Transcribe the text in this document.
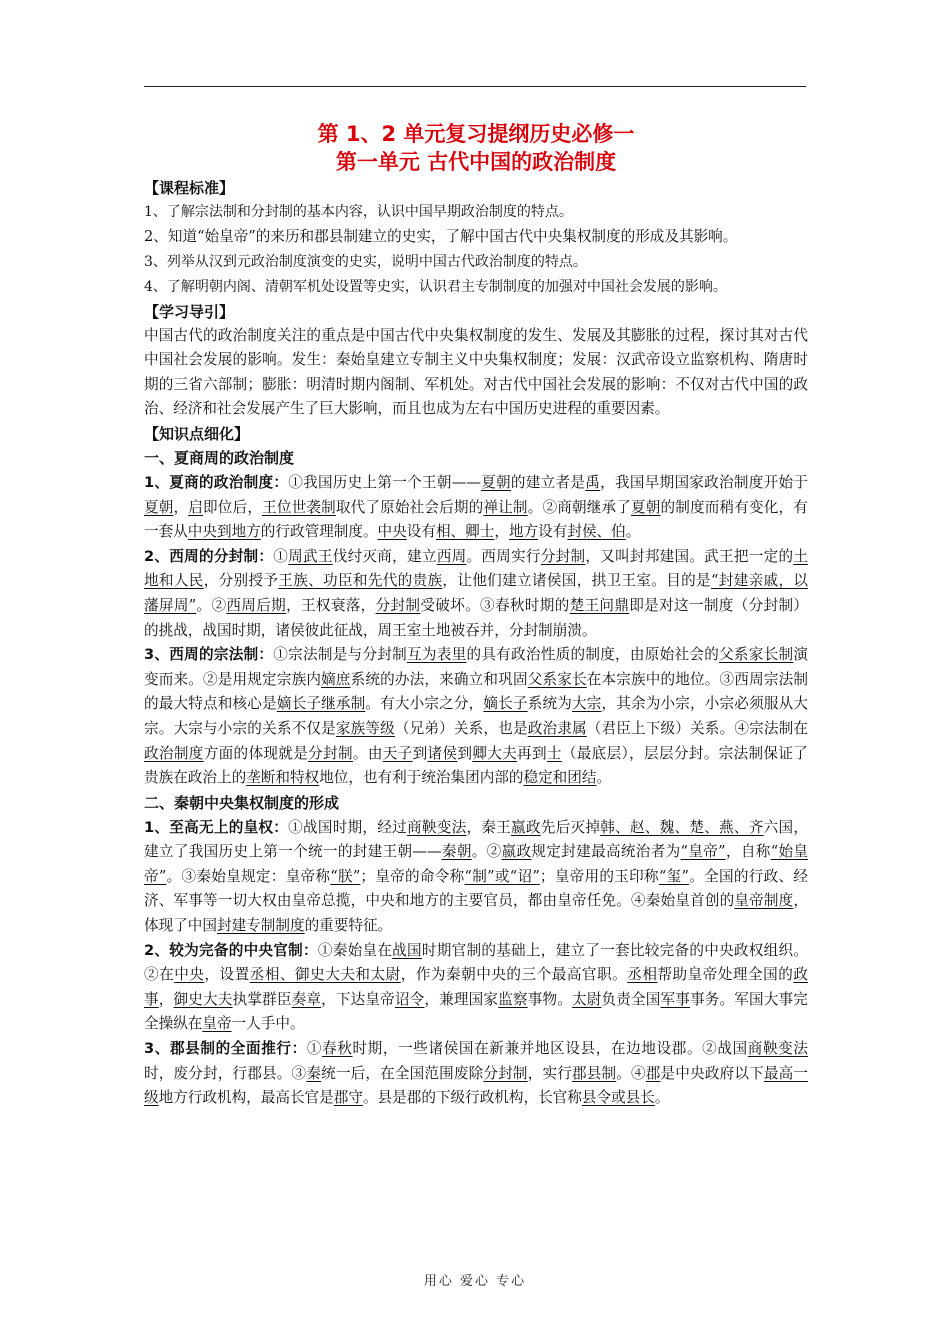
第 1、2 单元复习提纲历史必修一
第一单元 古代中国的政治制度

【课程标准】

1、了解宗法制和分封制的基本内容，认识中国早期政治制度的特点。

2、知道“始皇帝”的来历和郡县制建立的史实，了解中国古代中央集权制度的形成及其影响。

3、列举从汉到元政治制度演变的史实，说明中国古代政治制度的特点。

4、了解明朝内阁、清朝军机处设置等史实，认识君主专制制度的加强对中国社会发展的影响。

【学习导引】

中国古代的政治制度关注的重点是中国古代中央集权制度的发生、发展及其膨胀的过程，探讨其对古代中国社会发展的影响。发生：秦始皇建立专制主义中央集权制度；发展：汉武帝设立监察机构、隋唐时期的三省六部制；膨胀：明清时期内阁制、军机处。对古代中国社会发展的影响：不仅对古代中国的政治、经济和社会发展产生了巨大影响，而且也成为左右中国历史进程的重要因素。

【知识点细化】

一、夏商周的政治制度

1、夏商的政治制度：①我国历史上第一个王朝——夏朝的建立者是禹，我国早期国家政治制度开始于夏朝，启即位后，王位世袭制取代了原始社会后期的禅让制。②商朝继承了夏朝的制度而稍有变化，有一套从中央到地方的行政管理制度。中央设有相、卿士，地方设有封侯、伯。

2、西周的分封制：①周武王伐纣灭商，建立西周。西周实行分封制，又叫封邦建国。武王把一定的土地和人民，分别授予王族、功臣和先代的贵族，让他们建立诸侯国，拱卫王室。目的是“封建亲戚，以藩屏周”。②西周后期，王权衰落，分封制受破坏。③春秋时期的楚王问鼎即是对这一制度（分封制）的挑战，战国时期，诸侯彼此征战，周王室土地被吞并，分封制崩溃。

3、西周的宗法制：①宗法制是与分封制互为表里的具有政治性质的制度，由原始社会的父系家长制演变而来。②是用规定宗族内嫡庶系统的办法，来确立和巩固父系家长在本宗族中的地位。③西周宗法制的最大特点和核心是嫡长子继承制。有大小宗之分，嫡长子系统为大宗，其余为小宗，小宗必须服从大宗。大宗与小宗的关系不仅是家族等级（兄弟）关系，也是政治隶属（君臣上下级）关系。④宗法制在政治制度方面的体现就是分封制。由天子到诸侯到卿大夫再到士（最底层），层层分封。宗法制保证了贵族在政治上的垄断和特权地位，也有利于统治集团内部的稳定和团结。

二、秦朝中央集权制度的形成

1、至高无上的皇权：①战国时期，经过商鞅变法，秦王嬴政先后灭掉韩、赵、魏、楚、燕、齐六国，建立了我国历史上第一个统一的封建王朝——秦朝。②嬴政规定封建最高统治者为“皇帝”，自称“始皇帝”。③秦始皇规定：皇帝称“朕”；皇帝的命令称“制”或“诏”；皇帝用的玉印称“玺”。全国的行政、经济、军事等一切大权由皇帝总揽，中央和地方的主要官员，都由皇帝任免。④秦始皇首创的皇帝制度，体现了中国封建专制制度的重要特征。

2、较为完备的中央官制：①秦始皇在战国时期官制的基础上，建立了一套比较完备的中央政权组织。②在中央，设置丞相、御史大夫和太尉，作为秦朝中央的三个最高官职。丞相帮助皇帝处理全国的政事，御史大夫执掌群臣奏章，下达皇帝诏令，兼理国家监察事物。太尉负责全国军事事务。军国大事完全操纵在皇帝一人手中。

3、郡县制的全面推行：①春秋时期，一些诸侯国在新兼并地区设县，在边地设郡。②战国商鞅变法时，废分封，行郡县。③秦统一后，在全国范围废除分封制，实行郡县制。④郡是中央政府以下最高一级地方行政机构，最高长官是郡守。县是郡的下级行政机构，长官称县令或县长。

用心 爱心 专心
